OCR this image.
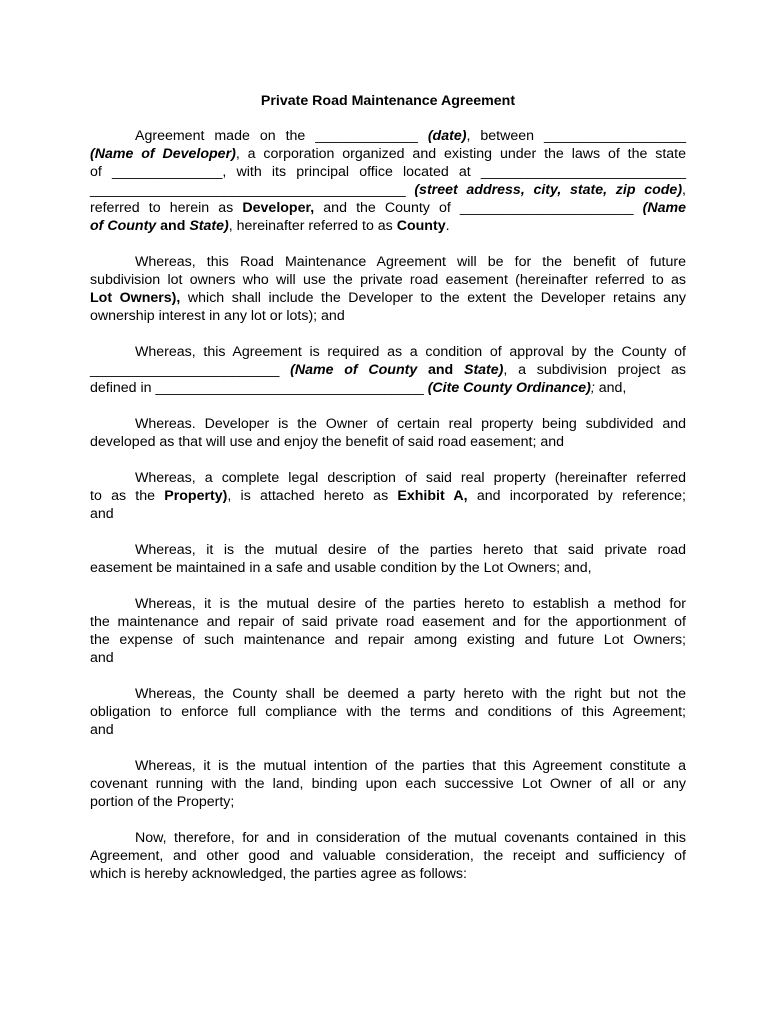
Private Road Maintenance Agreement
Agreement made on the _____________ (date), between __________________
(Name of Developer), a corporation organized and existing under the laws of the state
of ______________, with its principal office located at __________________________
________________________________________ (street address, city, state, zip code),
referred to herein as Developer, and the County of ______________________ (Name
of County and State), hereinafter referred to as County.
Whereas, this Road Maintenance Agreement will be for the benefit of future
subdivision lot owners who will use the private road easement (hereinafter referred to as
Lot Owners), which shall include the Developer to the extent the Developer retains any
ownership interest in any lot or lots); and
Whereas, this Agreement is required as a condition of approval by the County of
________________________ (Name of County and State), a subdivision project as
defined in __________________________________ (Cite County Ordinance); and,
Whereas. Developer is the Owner of certain real property being subdivided and
developed as that will use and enjoy the benefit of said road easement; and
Whereas, a complete legal description of said real property (hereinafter referred
to as the Property), is attached hereto as Exhibit A, and incorporated by reference;
and
Whereas, it is the mutual desire of the parties hereto that said private road
easement be maintained in a safe and usable condition by the Lot Owners; and,
Whereas, it is the mutual desire of the parties hereto to establish a method for
the maintenance and repair of said private road easement and for the apportionment of
the expense of such maintenance and repair among existing and future Lot Owners;
and
Whereas, the County shall be deemed a party hereto with the right but not the
obligation to enforce full compliance with the terms and conditions of this Agreement;
and
Whereas, it is the mutual intention of the parties that this Agreement constitute a
covenant running with the land, binding upon each successive Lot Owner of all or any
portion of the Property;
Now, therefore, for and in consideration of the mutual covenants contained in this
Agreement, and other good and valuable consideration, the receipt and sufficiency of
which is hereby acknowledged, the parties agree as follows:
